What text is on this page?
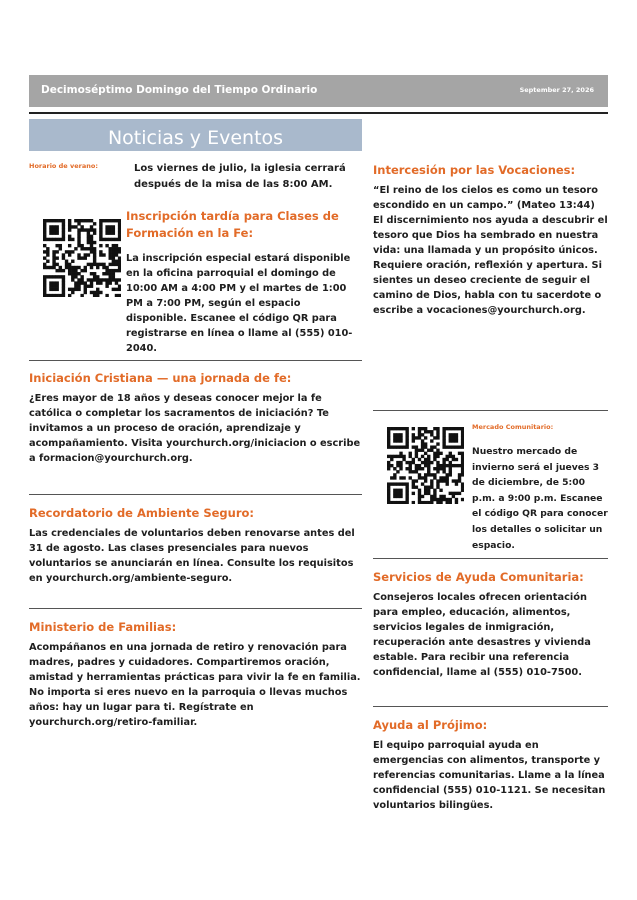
Decimoséptimo Domingo del Tiempo Ordinario	September 27, 2026
Noticias y Eventos
Horario de verano:	Los viernes de julio, la iglesia cerrará después de la misa de las 8:00 AM.
Inscripción tardía para Clases de Formación en la Fe:
La inscripción especial estará disponible en la oficina parroquial el domingo de 10:00 AM a 4:00 PM y el martes de 1:00 PM a 7:00 PM, según el espacio disponible. Escanee el código QR para registrarse en línea o llame al (555) 010-2040.
Iniciación Cristiana — una jornada de fe:
¿Eres mayor de 18 años y deseas conocer mejor la fe católica o completar los sacramentos de iniciación? Te invitamos a un proceso de oración, aprendizaje y acompañamiento. Visita yourchurch.org/iniciacion o escribe a formacion@yourchurch.org.
Recordatorio de Ambiente Seguro:
Las credenciales de voluntarios deben renovarse antes del 31 de agosto. Las clases presenciales para nuevos voluntarios se anunciarán en línea. Consulte los requisitos en yourchurch.org/ambiente-seguro.
Ministerio de Familias:
Acompáñanos en una jornada de retiro y renovación para madres, padres y cuidadores. Compartiremos oración, amistad y herramientas prácticas para vivir la fe en familia. No importa si eres nuevo en la parroquia o llevas muchos años: hay un lugar para ti. Regístrate en yourchurch.org/retiro-familiar.
Intercesión por las Vocaciones:
“El reino de los cielos es como un tesoro escondido en un campo.” (Mateo 13:44) El discernimiento nos ayuda a descubrir el tesoro que Dios ha sembrado en nuestra vida: una llamada y un propósito únicos. Requiere oración, reflexión y apertura. Si sientes un deseo creciente de seguir el camino de Dios, habla con tu sacerdote o escribe a vocaciones@yourchurch.org.
Mercado Comunitario:
Nuestro mercado de invierno será el jueves 3 de diciembre, de 5:00 p.m. a 9:00 p.m. Escanee el código QR para conocer los detalles o solicitar un espacio.
Servicios de Ayuda Comunitaria:
Consejeros locales ofrecen orientación para empleo, educación, alimentos, servicios legales de inmigración, recuperación ante desastres y vivienda estable. Para recibir una referencia confidencial, llame al (555) 010-7500.
Ayuda al Prójimo:
El equipo parroquial ayuda en emergencias con alimentos, transporte y referencias comunitarias. Llame a la línea confidencial (555) 010-1121. Se necesitan voluntarios bilingües.
